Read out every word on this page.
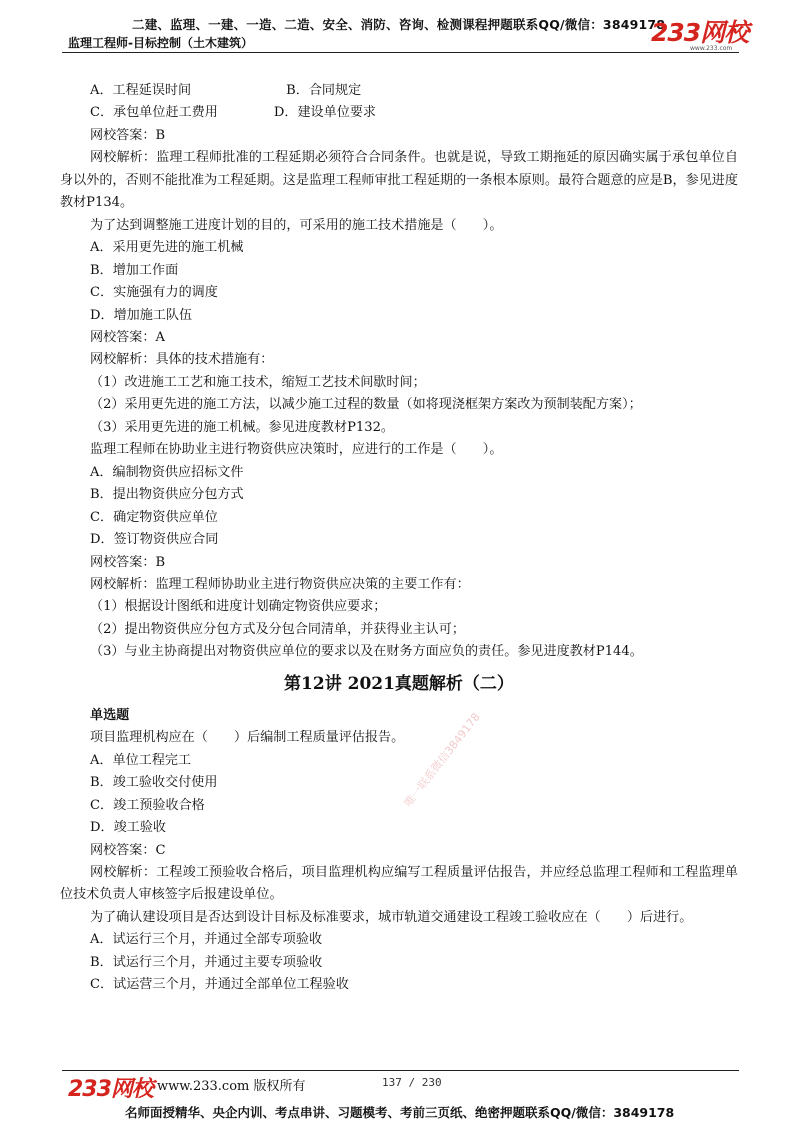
二建、监理、一建、一造、二造、安全、消防、咨询、检测课程押题联系QQ/微信：3849178
监理工程师-目标控制（土木建筑）	233网校
www.233.com
唯一联系微信3849178
A．工程延误时间	B．合同规定
C．承包单位赶工费用	D．建设单位要求
网校答案：B
网校解析：监理工程师批准的工程延期必须符合合同条件。也就是说，导致工期拖延的原因确实属于承包单位自身以外的，否则不能批准为工程延期。这是监理工程师审批工程延期的一条根本原则。最符合题意的应是B，参见进度教材P134。
为了达到调整施工进度计划的目的，可采用的施工技术措施是（　　）。
A．采用更先进的施工机械
B．增加工作面
C．实施强有力的调度
D．增加施工队伍
网校答案：A
网校解析：具体的技术措施有：
（1）改进施工工艺和施工技术，缩短工艺技术间歇时间；
（2）采用更先进的施工方法，以减少施工过程的数量（如将现浇框架方案改为预制装配方案）；
（3）采用更先进的施工机械。参见进度教材P132。
监理工程师在协助业主进行物资供应决策时，应进行的工作是（　　）。
A．编制物资供应招标文件
B．提出物资供应分包方式
C．确定物资供应单位
D．签订物资供应合同
网校答案：B
网校解析：监理工程师协助业主进行物资供应决策的主要工作有：
（1）根据设计图纸和进度计划确定物资供应要求；
（2）提出物资供应分包方式及分包合同清单，并获得业主认可；
（3）与业主协商提出对物资供应单位的要求以及在财务方面应负的责任。参见进度教材P144。
第12讲 2021真题解析（二）
单选题
项目监理机构应在（　　）后编制工程质量评估报告。
A．单位工程完工
B．竣工验收交付使用
C．竣工预验收合格
D．竣工验收
网校答案：C
网校解析：工程竣工预验收合格后，项目监理机构应编写工程质量评估报告，并应经总监理工程师和工程监理单位技术负责人审核签字后报建设单位。
为了确认建设项目是否达到设计目标及标准要求，城市轨道交通建设工程竣工验收应在（　　）后进行。
A．试运行三个月，并通过全部专项验收
B．试运行三个月，并通过主要专项验收
C．试运营三个月，并通过全部单位工程验收
233网校 www.233.com 版权所有	137 / 230
名师面授精华、央企内训、考点串讲、习题模考、考前三页纸、绝密押题联系QQ/微信：3849178
